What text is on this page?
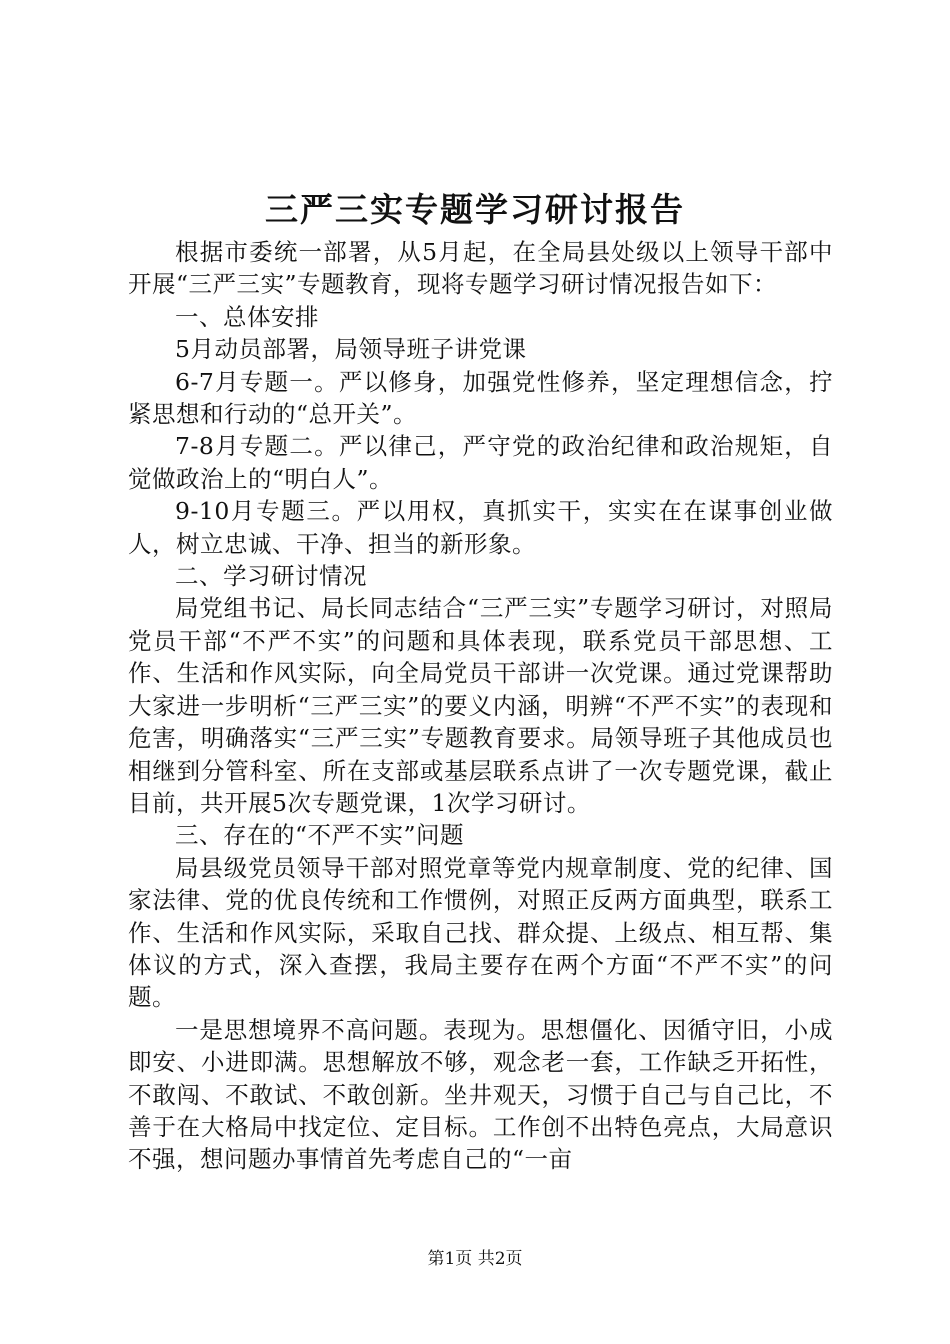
三严三实专题学习研讨报告

根据市委统一部署，从5月起，在全局县处级以上领导干部中开展“三严三实”专题教育，现将专题学习研讨情况报告如下：

一、总体安排

5月动员部署，局领导班子讲党课

6-7月专题一。严以修身，加强党性修养，坚定理想信念，拧紧思想和行动的“总开关”。

7-8月专题二。严以律己，严守党的政治纪律和政治规矩，自觉做政治上的“明白人”。

9-10月专题三。严以用权，真抓实干，实实在在谋事创业做人，树立忠诚、干净、担当的新形象。

二、学习研讨情况

局党组书记、局长同志结合“三严三实”专题学习研讨，对照局党员干部“不严不实”的问题和具体表现，联系党员干部思想、工作、生活和作风实际，向全局党员干部讲一次党课。通过党课帮助大家进一步明析“三严三实”的要义内涵，明辨“不严不实”的表现和危害，明确落实“三严三实”专题教育要求。局领导班子其他成员也相继到分管科室、所在支部或基层联系点讲了一次专题党课，截止目前，共开展5次专题党课，1次学习研讨。

三、存在的“不严不实”问题

局县级党员领导干部对照党章等党内规章制度、党的纪律、国家法律、党的优良传统和工作惯例，对照正反两方面典型，联系工作、生活和作风实际，采取自己找、群众提、上级点、相互帮、集体议的方式，深入查摆，我局主要存在两个方面“不严不实”的问题。

一是思想境界不高问题。表现为。思想僵化、因循守旧，小成即安、小进即满。思想解放不够，观念老一套，工作缺乏开拓性，不敢闯、不敢试、不敢创新。坐井观天，习惯于自己与自己比，不善于在大格局中找定位、定目标。工作创不出特色亮点，大局意识不强，想问题办事情首先考虑自己的“一亩

第1页 共2页
